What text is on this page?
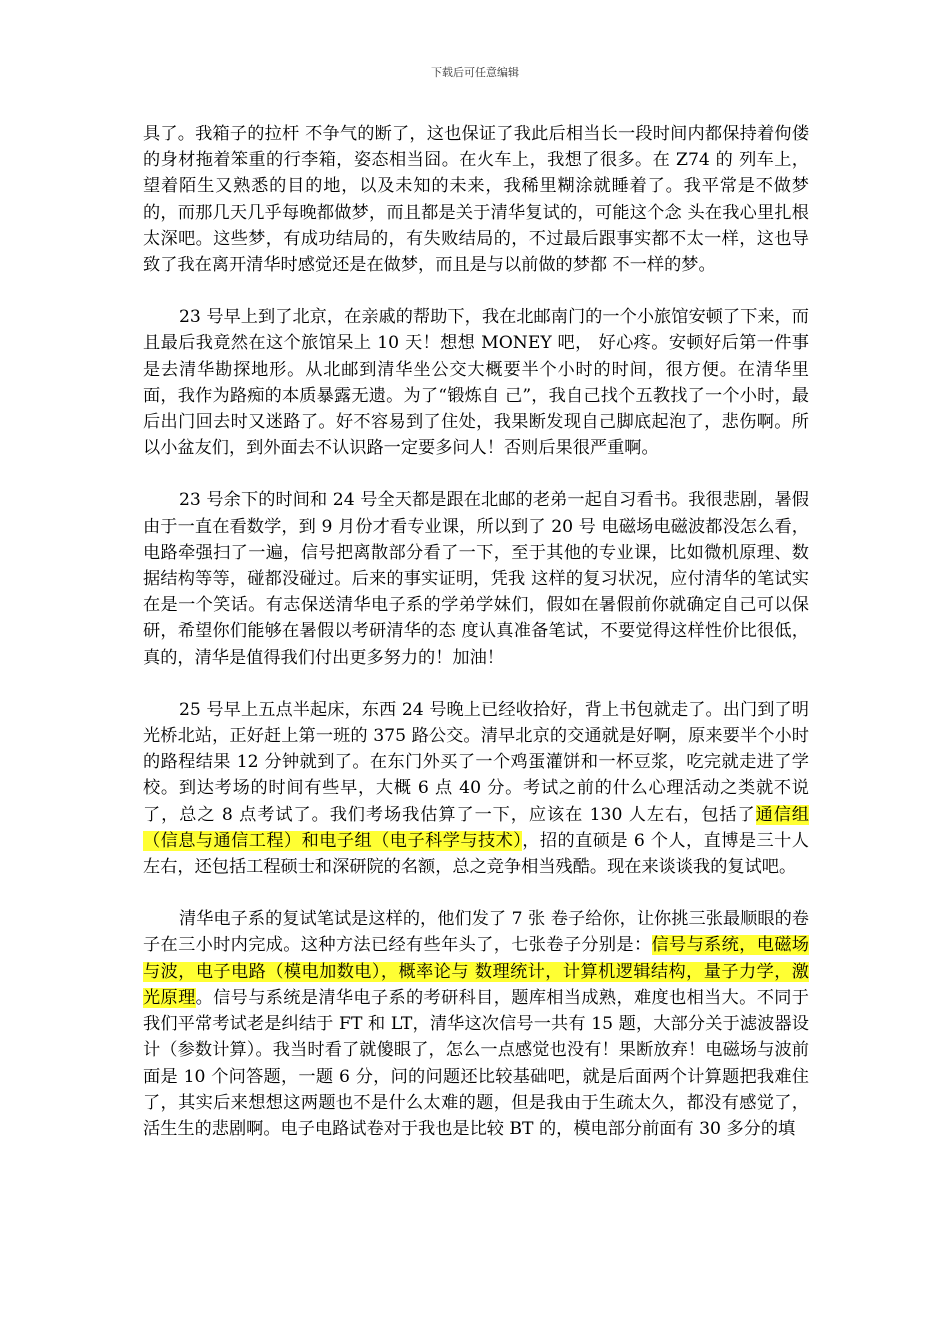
下载后可任意编辑

具了。我箱子的拉杆 不争气的断了，这也保证了我此后相当长一段时间内都保持着佝偻的身材拖着笨重的行李箱，姿态相当囧。在火车上，我想了很多。在 Z74 的 列车上，望着陌生又熟悉的目的地，以及未知的未来，我稀里糊涂就睡着了。我平常是不做梦的，而那几天几乎每晚都做梦，而且都是关于清华复试的，可能这个念 头在我心里扎根太深吧。这些梦，有成功结局的，有失败结局的，不过最后跟事实都不太一样，这也导致了我在离开清华时感觉还是在做梦，而且是与以前做的梦都 不一样的梦。

23 号早上到了北京，在亲戚的帮助下，我在北邮南门的一个小旅馆安顿了下来，而且最后我竟然在这个旅馆呆上 10 天！想想 MONEY 吧， 好心疼。安顿好后第一件事是去清华勘探地形。从北邮到清华坐公交大概要半个小时的时间，很方便。在清华里面，我作为路痴的本质暴露无遗。为了“锻炼自 己”，我自己找个五教找了一个小时，最后出门回去时又迷路了。好不容易到了住处，我果断发现自己脚底起泡了，悲伤啊。所以小盆友们，到外面去不认识路一定要多问人！否则后果很严重啊。

23 号余下的时间和 24 号全天都是跟在北邮的老弟一起自习看书。我很悲剧，暑假由于一直在看数学，到 9 月份才看专业课，所以到了 20 号 电磁场电磁波都没怎么看，电路牵强扫了一遍，信号把离散部分看了一下，至于其他的专业课，比如微机原理、数据结构等等，碰都没碰过。后来的事实证明，凭我 这样的复习状况，应付清华的笔试实在是一个笑话。有志保送清华电子系的学弟学妹们，假如在暑假前你就确定自己可以保研，希望你们能够在暑假以考研清华的态 度认真准备笔试，不要觉得这样性价比很低，真的，清华是值得我们付出更多努力的！加油！

25 号早上五点半起床，东西 24 号晚上已经收拾好，背上书包就走了。出门到了明光桥北站，正好赶上第一班的 375 路公交。清早北京的交通就是好啊，原来要半个小时的路程结果 12 分钟就到了。在东门外买了一个鸡蛋灌饼和一杯豆浆，吃完就走进了学校。到达考场的时间有些早，大概 6 点 40 分。考试之前的什么心理活动之类就不说了，总之 8 点考试了。我们考场我估算了一下，应该在 130 人左右，包括了通信组（信息与通信工程）和电子组（电子科学与技术），招的直硕是 6 个人，直博是三十人左右，还包括工程硕士和深研院的名额，总之竞争相当残酷。现在来谈谈我的复试吧。

清华电子系的复试笔试是这样的，他们发了 7 张 卷子给你，让你挑三张最顺眼的卷子在三小时内完成。这种方法已经有些年头了，七张卷子分别是：信号与系统，电磁场与波，电子电路（模电加数电），概率论与 数理统计，计算机逻辑结构，量子力学，激光原理。信号与系统是清华电子系的考研科目，题库相当成熟，难度也相当大。不同于我们平常考试老是纠结于 FT 和 LT，清华这次信号一共有 15 题，大部分关于滤波器设计（参数计算）。我当时看了就傻眼了，怎么一点感觉也没有！果断放弃！电磁场与波前面是 10 个问答题，一题 6 分，问的问题还比较基础吧，就是后面两个计算题把我难住了，其实后来想想这两题也不是什么太难的题，但是我由于生疏太久，都没有感觉了，活生生的悲剧啊。电子电路试卷对于我也是比较 BT 的，模电部分前面有 30 多分的填
